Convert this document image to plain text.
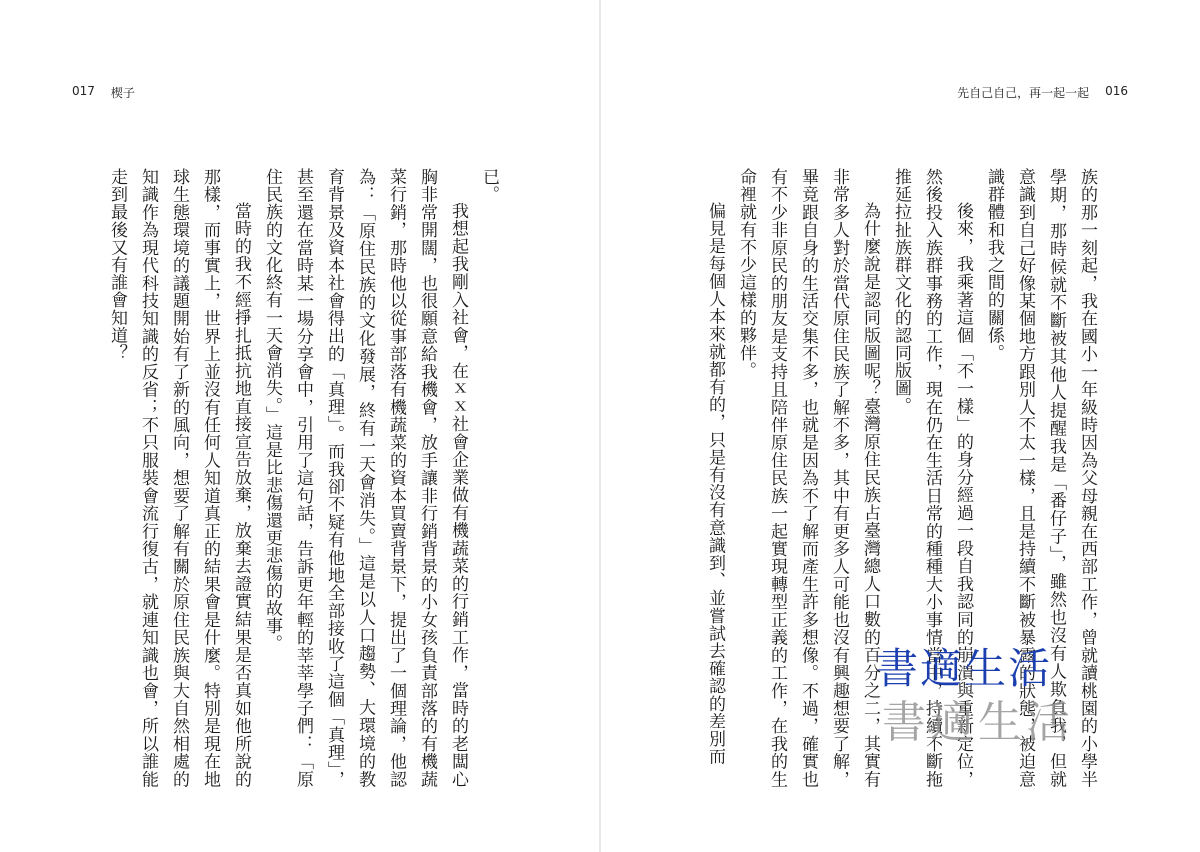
017 楔子	先自己自己，再一起一起 016

已。

我想起我剛入社會，在ｘｘ社會企業做有機蔬菜的行銷工作，當時的老闆心胸非常開闊，也很願意給我機會，放手讓非行銷背景的小女孩負責部落的有機蔬菜行銷，那時他以從事部落有機蔬菜的資本買賣背景下，提出了一個理論，他認為：「原住民族的文化發展，終有一天會消失。」這是以人口趨勢、大環境的教育背景及資本社會得出的「真理」。而我卻不疑有他地全部接收了這個「真理」，甚至還在當時某一場分享會中，引用了這句話，告訴更年輕的莘莘學子們：「原住民族的文化終有一天會消失。」這是比悲傷還更悲傷的故事。

當時的我不經掙扎抵抗地直接宣告放棄，放棄去證實結果是否真如他所說的那樣，而事實上，世界上並沒有任何人知道真正的結果會是什麼。特別是現在地球生態環境的議題開始有了新的風向，想要了解有關於原住民族與大自然相處的知識作為現代科技知識的反省；不只服裝會流行復古，就連知識也會，所以誰能走到最後又有誰會知道？	族的那一刻起，我在國小一年級時因為父母親在西部工作，曾就讀桃園的小學半學期，那時候就不斷被其他人提醒我是「番仔子」，雖然也沒有人欺負我，但就意識到自己好像某個地方跟別人不太一樣，且是持續不斷被暴露的狀態，被迫意識群體和我之間的關係。

後來，我乘著這個「不一樣」的身分經過一段自我認同的崩潰與重新定位，然後投入族群事務的工作，現在仍在生活日常的種種大小事情當中，持續不斷拖推延拉扯族群文化的認同版圖。

為什麼說是認同版圖呢？臺灣原住民族占臺灣總人口數的百分之二，其實有非常多人對於當代原住民族了解不多，其中有更多人可能也沒有興趣想要了解，畢竟跟自身的生活交集不多，也就是因為不了解而產生許多想像。不過，確實也有不少非原民的朋友是支持且陪伴原住民族一起實現轉型正義的工作，在我的生命裡就有不少這樣的夥伴。

偏見是每個人本來就都有的，只是有沒有意識到、並嘗試去確認的差別而	書適生活
書適生活
